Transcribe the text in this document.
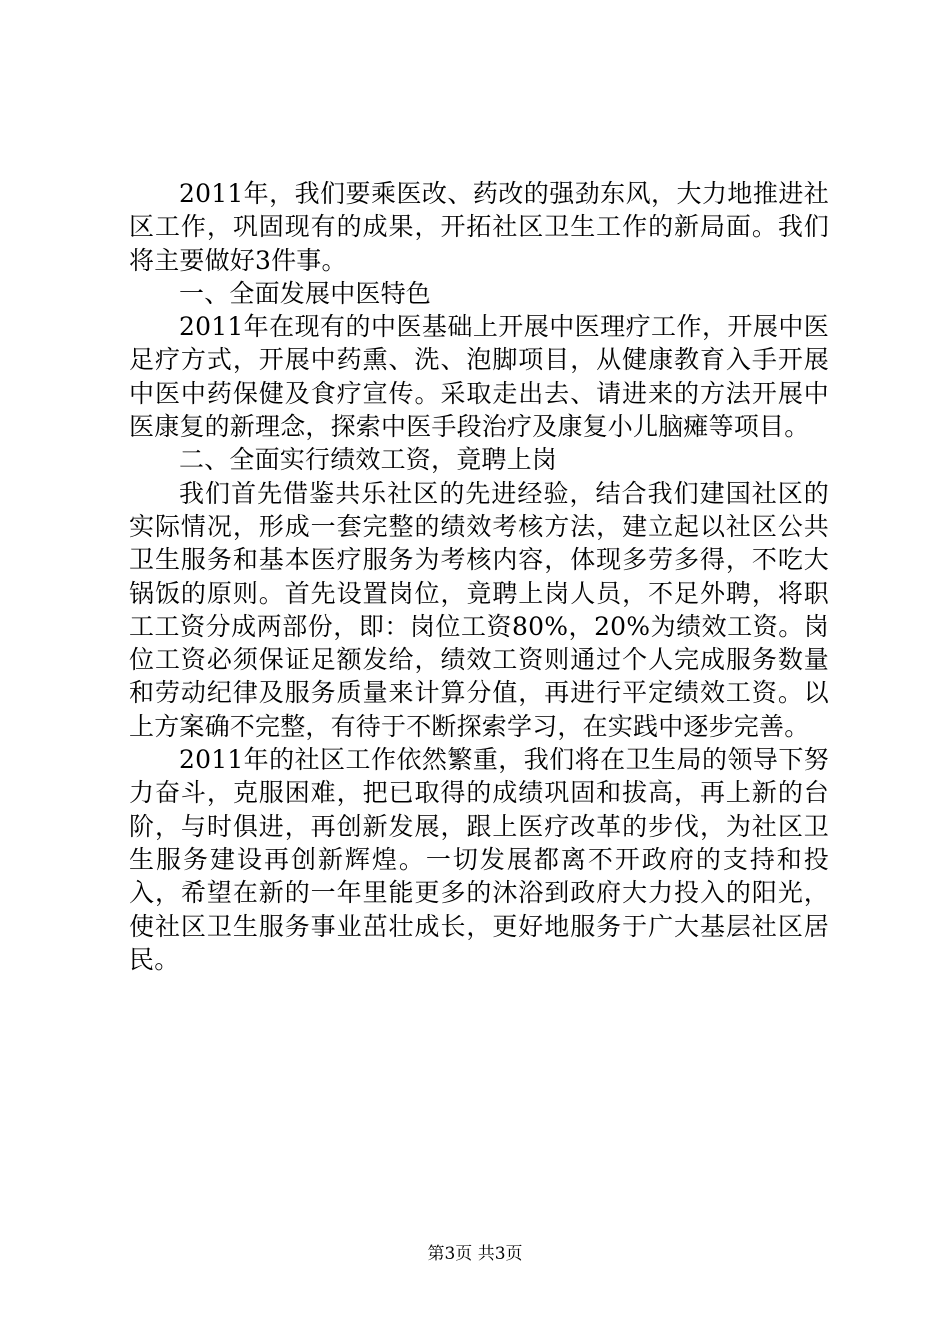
2011年，我们要乘医改、药改的强劲东风，大力地推进社区工作，巩固现有的成果，开拓社区卫生工作的新局面。我们将主要做好3件事。

一、全面发展中医特色

2011年在现有的中医基础上开展中医理疗工作，开展中医足疗方式，开展中药熏、洗、泡脚项目，从健康教育入手开展中医中药保健及食疗宣传。采取走出去、请进来的方法开展中医康复的新理念，探索中医手段治疗及康复小儿脑瘫等项目。

二、全面实行绩效工资，竟聘上岗

我们首先借鉴共乐社区的先进经验，结合我们建国社区的实际情况，形成一套完整的绩效考核方法，建立起以社区公共卫生服务和基本医疗服务为考核内容，体现多劳多得，不吃大锅饭的原则。首先设置岗位，竟聘上岗人员，不足外聘，将职工工资分成两部份，即：岗位工资80%，20%为绩效工资。岗位工资必须保证足额发给，绩效工资则通过个人完成服务数量和劳动纪律及服务质量来计算分值，再进行平定绩效工资。以上方案确不完整，有待于不断探索学习，在实践中逐步完善。

2011年的社区工作依然繁重，我们将在卫生局的领导下努力奋斗，克服困难，把已取得的成绩巩固和拔高，再上新的台阶，与时俱进，再创新发展，跟上医疗改革的步伐，为社区卫生服务建设再创新辉煌。一切发展都离不开政府的支持和投入，希望在新的一年里能更多的沐浴到政府大力投入的阳光，使社区卫生服务事业茁壮成长，更好地服务于广大基层社区居民。

第3页 共3页
